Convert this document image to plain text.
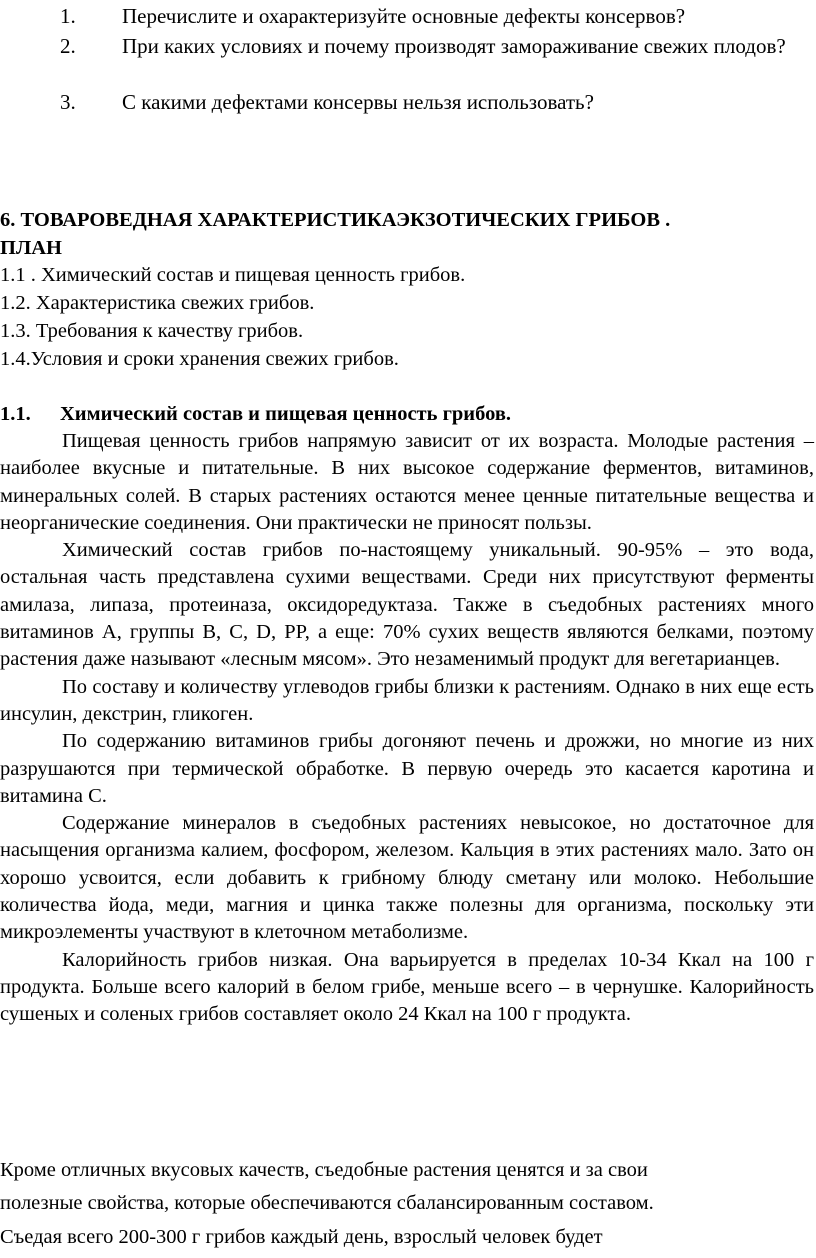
1.	Перечислите и охарактеризуйте основные дефекты консервов?
2.	При каких условиях и почему производят замораживание свежих плодов?
3.	С какими дефектами консервы нельзя использовать?
6. ТОВАРОВЕДНАЯ ХАРАКТЕРИСТИКАЭКЗОТИЧЕСКИХ ГРИБОВ .
ПЛАН
1.1 . Химический состав и пищевая ценность грибов.
1.2. Характеристика свежих грибов.
1.3. Требования к качеству грибов.
1.4.Условия и сроки хранения свежих грибов.
1.1. Химический состав и пищевая ценность грибов.

Пищевая ценность грибов напрямую зависит от их возраста. Молодые растения – наиболее вкусные и питательные. В них высокое содержание ферментов, витаминов, минеральных солей. В старых растениях остаются менее ценные питательные вещества и неорганические соединения. Они практически не приносят пользы.

Химический состав грибов по-настоящему уникальный. 90-95% – это вода, остальная часть представлена сухими веществами. Среди них присутствуют ферменты амилаза, липаза, протеиназа, оксидоредуктаза. Также в съедобных растениях много витаминов А, группы В, С, D, PP, а еще: 70% сухих веществ являются белками, поэтому растения даже называют «лесным мясом». Это незаменимый продукт для вегетарианцев.

По составу и количеству углеводов грибы близки к растениям. Однако в них еще есть инсулин, декстрин, гликоген.

По содержанию витаминов грибы догоняют печень и дрожжи, но многие из них разрушаются при термической обработке. В первую очередь это касается каротина и витамина С.

Содержание минералов в съедобных растениях невысокое, но достаточное для насыщения организма калием, фосфором, железом. Кальция в этих растениях мало. Зато он хорошо усвоится, если добавить к грибному блюду сметану или молоко. Небольшие количества йода, меди, магния и цинка также полезны для организма, поскольку эти микроэлементы участвуют в клеточном метаболизме.

Калорийность грибов низкая. Она варьируется в пределах 10-34 Ккал на 100 г продукта. Больше всего калорий в белом грибе, меньше всего – в чернушке. Калорийность сушеных и соленых грибов составляет около 24 Ккал на 100 г продукта.

Кроме отличных вкусовых качеств, съедобные растения ценятся и за свои
полезные свойства, которые обеспечиваются сбалансированным составом.
Съедая всего 200-300 г грибов каждый день, взрослый человек будет
